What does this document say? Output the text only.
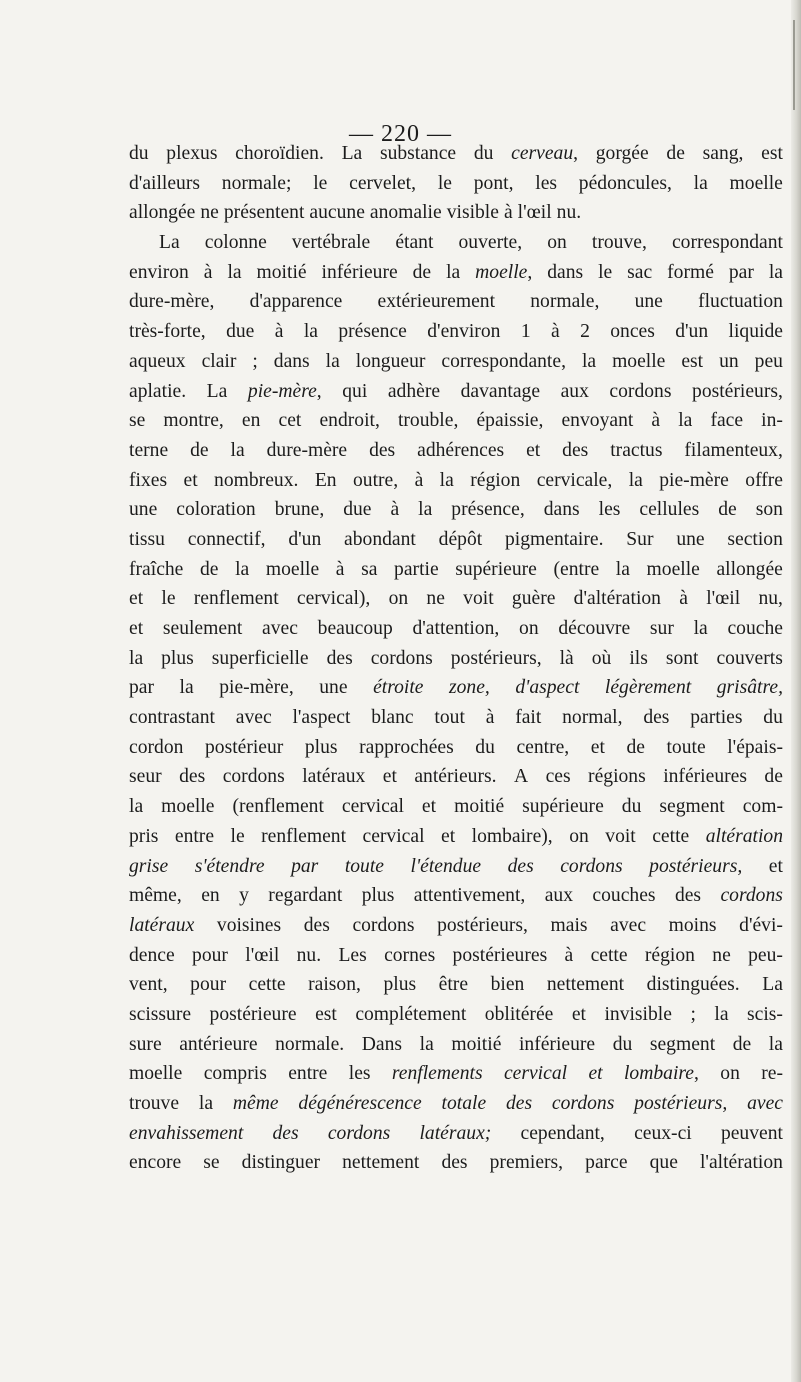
— 220 —
du plexus choroïdien. La substance du cerveau, gorgée de sang, est
d'ailleurs normale; le cervelet, le pont, les pédoncules, la moelle
allongée ne présentent aucune anomalie visible à l'œil nu.
La colonne vertébrale étant ouverte, on trouve, correspondant
environ à la moitié inférieure de la moelle, dans le sac formé par la
dure-mère, d'apparence extérieurement normale, une fluctuation
très-forte, due à la présence d'environ 1 à 2 onces d'un liquide
aqueux clair ; dans la longueur correspondante, la moelle est un peu
aplatie. La pie-mère, qui adhère davantage aux cordons postérieurs,
se montre, en cet endroit, trouble, épaissie, envoyant à la face in-
terne de la dure-mère des adhérences et des tractus filamenteux,
fixes et nombreux. En outre, à la région cervicale, la pie-mère offre
une coloration brune, due à la présence, dans les cellules de son
tissu connectif, d'un abondant dépôt pigmentaire. Sur une section
fraîche de la moelle à sa partie supérieure (entre la moelle allongée
et le renflement cervical), on ne voit guère d'altération à l'œil nu,
et seulement avec beaucoup d'attention, on découvre sur la couche
la plus superficielle des cordons postérieurs, là où ils sont couverts
par la pie-mère, une étroite zone, d'aspect légèrement grisâtre,
contrastant avec l'aspect blanc tout à fait normal, des parties du
cordon postérieur plus rapprochées du centre, et de toute l'épais-
seur des cordons latéraux et antérieurs. A ces régions inférieures de
la moelle (renflement cervical et moitié supérieure du segment com-
pris entre le renflement cervical et lombaire), on voit cette altération
grise s'étendre par toute l'étendue des cordons postérieurs, et
même, en y regardant plus attentivement, aux couches des cordons
latéraux voisines des cordons postérieurs, mais avec moins d'évi-
dence pour l'œil nu. Les cornes postérieures à cette région ne peu-
vent, pour cette raison, plus être bien nettement distinguées. La
scissure postérieure est complétement oblitérée et invisible ; la scis-
sure antérieure normale. Dans la moitié inférieure du segment de la
moelle compris entre les renflements cervical et lombaire, on re-
trouve la même dégénérescence totale des cordons postérieurs, avec
envahissement des cordons latéraux; cependant, ceux-ci peuvent
encore se distinguer nettement des premiers, parce que l'altération
